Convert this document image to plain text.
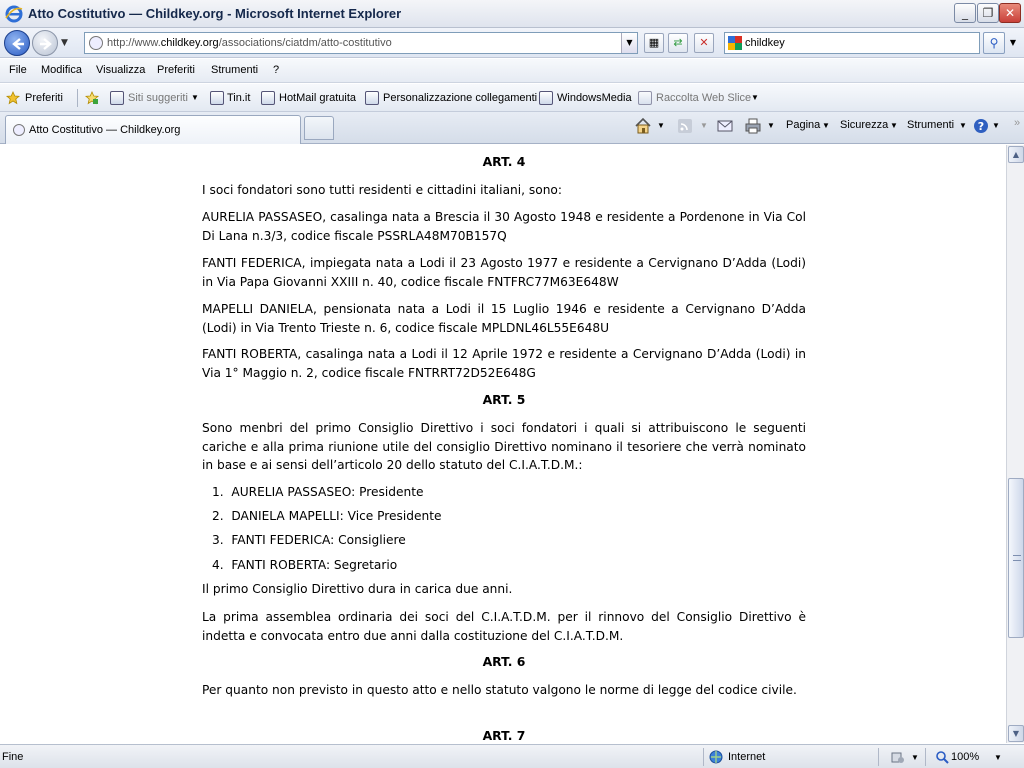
Atto Costitutivo — Childkey.org - Microsoft Internet Explorer	_	❐ ✕
▼	http://www.childkey.org/associations/ciatdm/atto-costitutivo	▼	▦	⇄	✕
childkey	⚲	▼
File Modifica Visualizza Preferiti Strumenti ?
Preferiti	Siti suggeriti ▼	Tin.it	HotMail gratuita Personalizzazione collegamenti WindowsMedia Raccolta Web Slice ▼
Atto Costitutivo — Childkey.org	▼	▼	▼ Pagina ▼ Sicurezza ▼ Strumenti ▼ ? ▼ »
ART. 4
I soci fondatori sono tutti residenti e cittadini italiani, sono:
AURELIA PASSASEO, casalinga nata a Brescia il 30 Agosto 1948 e residente a Pordenone in Via Col Di Lana n.3/3, codice fiscale PSSRLA48M70B157Q
FANTI FEDERICA, impiegata nata a Lodi il 23 Agosto 1977 e residente a Cervignano D’Adda (Lodi) in Via Papa Giovanni XXIII n. 40, codice fiscale FNTFRC77M63E648W
MAPELLI DANIELA, pensionata nata a Lodi il 15 Luglio 1946 e residente a Cervignano D’Adda (Lodi) in Via Trento Trieste n. 6, codice fiscale MPLDNL46L55E648U
FANTI ROBERTA, casalinga nata a Lodi il 12 Aprile 1972 e residente a Cervignano D’Adda (Lodi) in Via 1° Maggio n. 2, codice fiscale FNTRRT72D52E648G
ART. 5
Sono menbri del primo Consiglio Direttivo i soci fondatori i quali si attribuiscono le seguenti cariche e alla prima riunione utile del consiglio Direttivo nominano il tesoriere che verrà nominato in base e ai sensi dell’articolo 20 dello statuto del C.I.A.T.D.M.:
1.  AURELIA PASSASEO: Presidente
2.  DANIELA MAPELLI: Vice Presidente
3.  FANTI FEDERICA: Consigliere
4.  FANTI ROBERTA: Segretario
Il primo Consiglio Direttivo dura in carica due anni.
La prima assemblea ordinaria dei soci del C.I.A.T.D.M. per il rinnovo del Consiglio Direttivo è indetta e convocata entro due anni dalla costituzione del C.I.A.T.D.M.
ART. 6
Per quanto non previsto in questo atto e nello statuto valgono le norme di legge del codice civile.
ART. 7
▲
▼
Fine	Internet	▼	100% ▼
